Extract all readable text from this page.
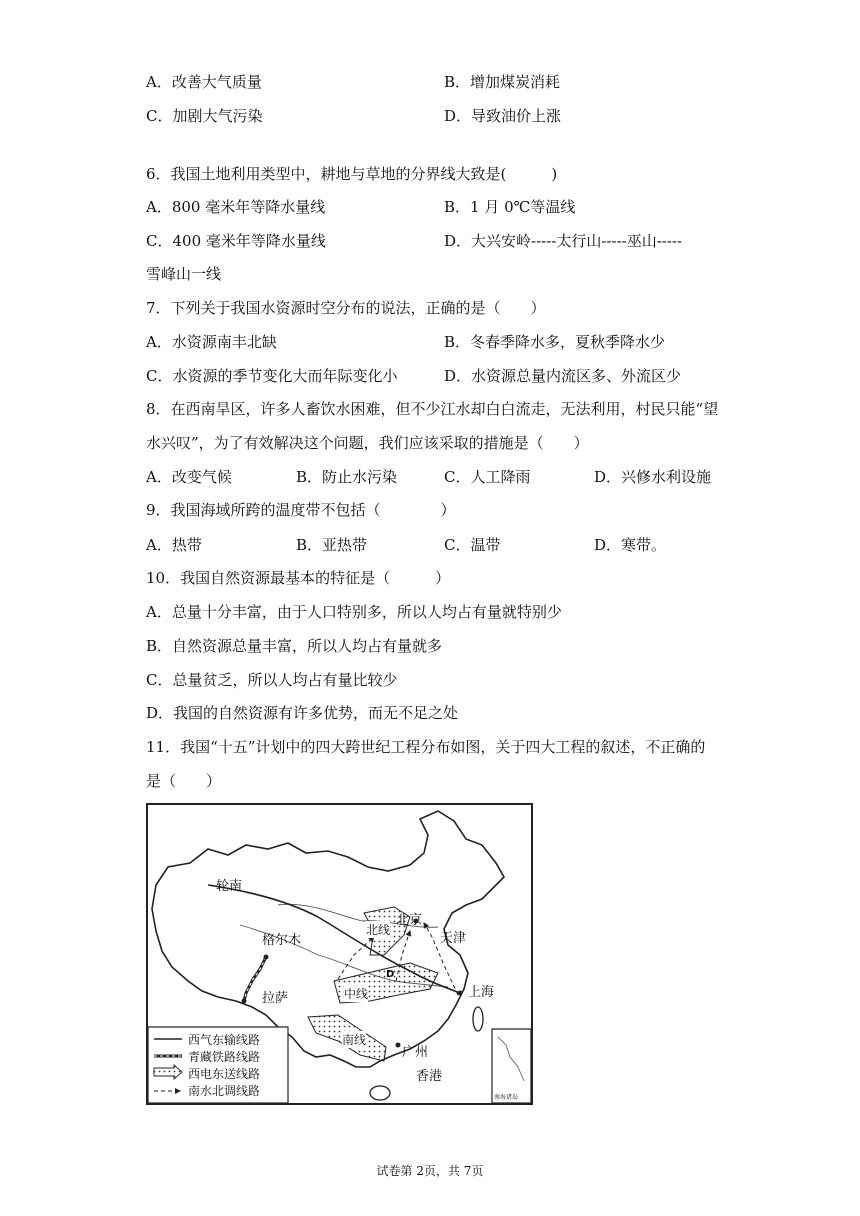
A．改善大气质量	B．增加煤炭消耗
C．加剧大气污染	D．导致油价上涨
6．我国土地利用类型中，耕地与草地的分界线大致是(　　　)
A．800 毫米年等降水量线	B．1 月 0℃等温线
C．400 毫米年等降水量线	D．大兴安岭-----太行山-----巫山-----
雪峰山一线
7．下列关于我国水资源时空分布的说法，正确的是（　　）
A．水资源南丰北缺	B．冬春季降水多，夏秋季降水少
C．水资源的季节变化大而年际变化小	D．水资源总量内流区多、外流区少
8．在西南旱区，许多人畜饮水困难，但不少江水却白白流走，无法利用，村民只能“望
水兴叹”，为了有效解决这个问题，我们应该采取的措施是（　　）
A．改变气候	B．防止水污染	C．人工降雨	D．兴修水利设施
9．我国海域所跨的温度带不包括（　　　　）
A．热带	B．亚热带	C．温带	D．寒带。
10．我国自然资源最基本的特征是（　　　）
A．总量十分丰富，由于人口特别多，所以人均占有量就特别少
B．自然资源总量丰富，所以人均占有量就多
C．总量贫乏，所以人均占有量比较少
D．我国的自然资源有许多优势，而无不足之处
11．我国“十五”计划中的四大跨世纪工程分布如图，关于四大工程的叙述，不正确的
是（　　）
轮南
北京
北线
天津
格尔木
D
中线	上海
拉萨
南线
广州
香港
西气东输线路
青藏铁路线路
西电东送线路
南水北调线路	南海诸岛
试卷第 2页，共 7页
